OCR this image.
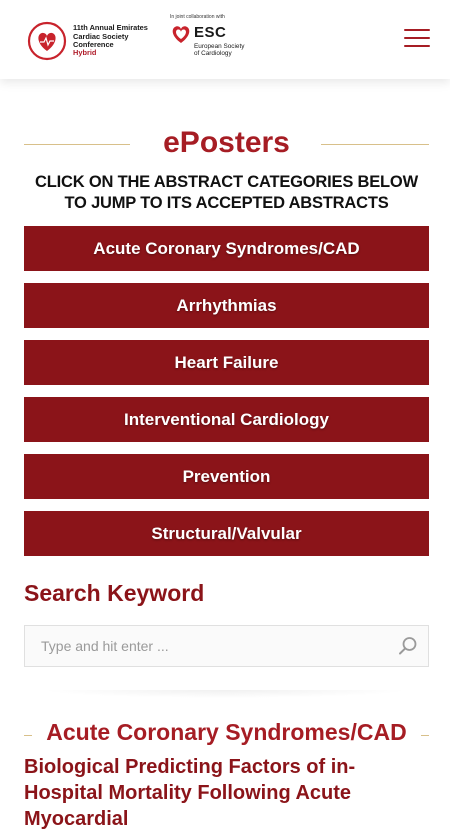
11th Annual Emirates
Cardiac Society
Conference
Hybrid
In joint collaboration with
ESC
European Society
of Cardiology
ePosters
CLICK ON THE ABSTRACT CATEGORIES BELOW TO JUMP TO ITS ACCEPTED ABSTRACTS
Acute Coronary Syndromes/CAD
Arrhythmias
Heart Failure
Interventional Cardiology
Prevention
Structural/Valvular
Search Keyword
Type and hit enter ...
Acute Coronary Syndromes/CAD
Biological Predicting Factors of in-Hospital Mortality Following Acute Myocardial
